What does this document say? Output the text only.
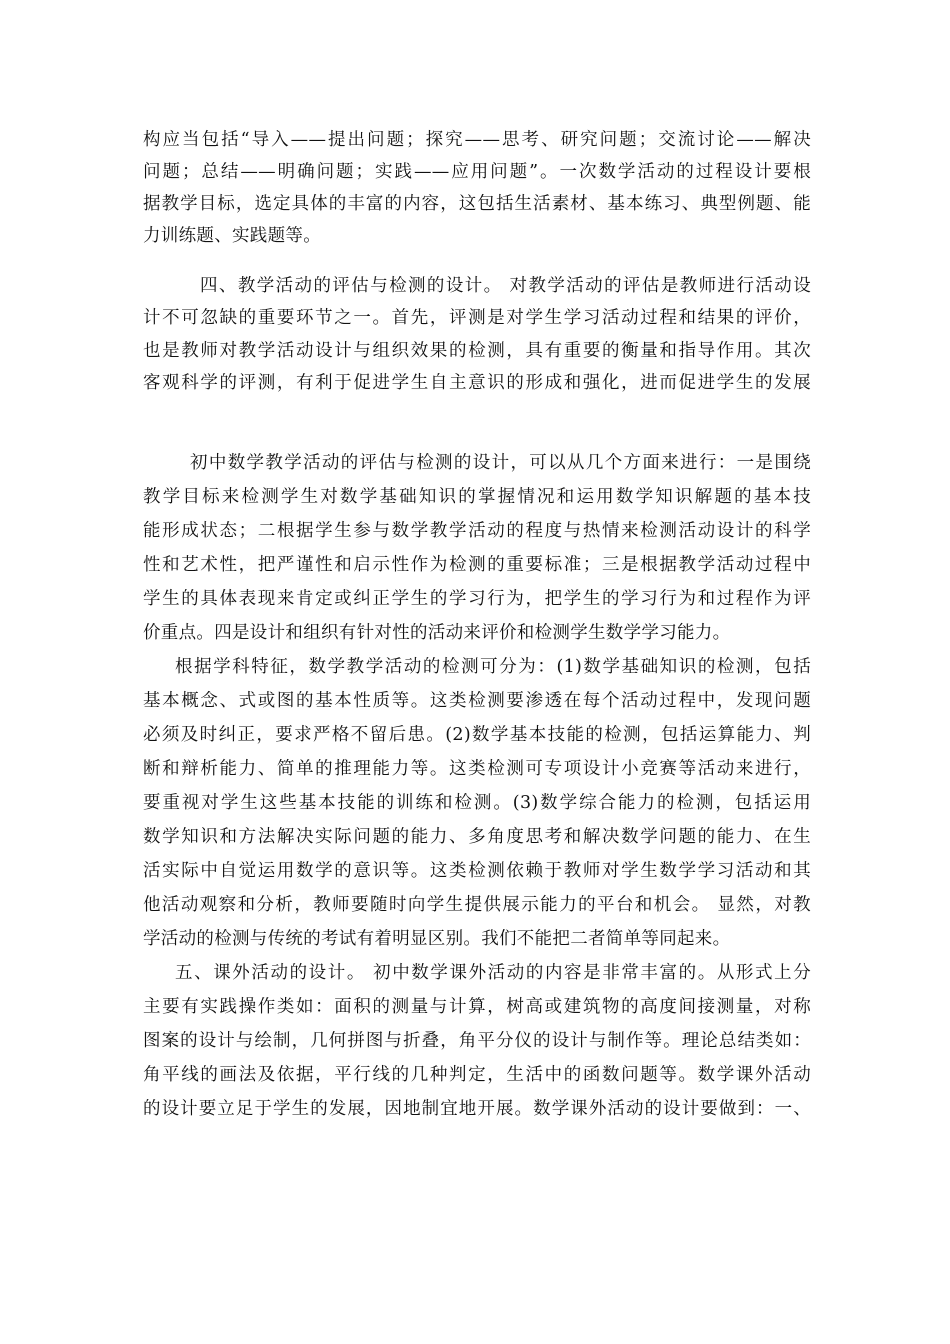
构应当包括“导入——提出问题；探究——思考、研究问题；交流讨论——解决
问题；总结——明确问题；实践——应用问题”。一次数学活动的过程设计要根
据教学目标，选定具体的丰富的内容，这包括生活素材、基本练习、典型例题、能
力训练题、实践题等。
四、教学活动的评估与检测的设计。 对教学活动的评估是教师进行活动设
计不可忽缺的重要环节之一。首先，评测是对学生学习活动过程和结果的评价，
也是教师对教学活动设计与组织效果的检测，具有重要的衡量和指导作用。其次
客观科学的评测，有利于促进学生自主意识的形成和强化，进而促进学生的发展
初中数学教学活动的评估与检测的设计，可以从几个方面来进行：一是围绕
教学目标来检测学生对数学基础知识的掌握情况和运用数学知识解题的基本技
能形成状态；二根据学生参与数学教学活动的程度与热情来检测活动设计的科学
性和艺术性，把严谨性和启示性作为检测的重要标准；三是根据教学活动过程中
学生的具体表现来肯定或纠正学生的学习行为，把学生的学习行为和过程作为评
价重点。四是设计和组织有针对性的活动来评价和检测学生数学学习能力。
根据学科特征，数学教学活动的检测可分为：(1)数学基础知识的检测，包括
基本概念、式或图的基本性质等。这类检测要渗透在每个活动过程中，发现问题
必须及时纠正，要求严格不留后患。(2)数学基本技能的检测，包括运算能力、判
断和辩析能力、简单的推理能力等。这类检测可专项设计小竞赛等活动来进行，
要重视对学生这些基本技能的训练和检测。(3)数学综合能力的检测，包括运用
数学知识和方法解决实际问题的能力、多角度思考和解决数学问题的能力、在生
活实际中自觉运用数学的意识等。这类检测依赖于教师对学生数学学习活动和其
他活动观察和分析，教师要随时向学生提供展示能力的平台和机会。 显然，对教
学活动的检测与传统的考试有着明显区别。我们不能把二者简单等同起来。
五、课外活动的设计。 初中数学课外活动的内容是非常丰富的。从形式上分
主要有实践操作类如：面积的测量与计算，树高或建筑物的高度间接测量，对称
图案的设计与绘制，几何拼图与折叠，角平分仪的设计与制作等。理论总结类如：
角平线的画法及依据，平行线的几种判定，生活中的函数问题等。数学课外活动
的设计要立足于学生的发展，因地制宜地开展。数学课外活动的设计要做到：一、
